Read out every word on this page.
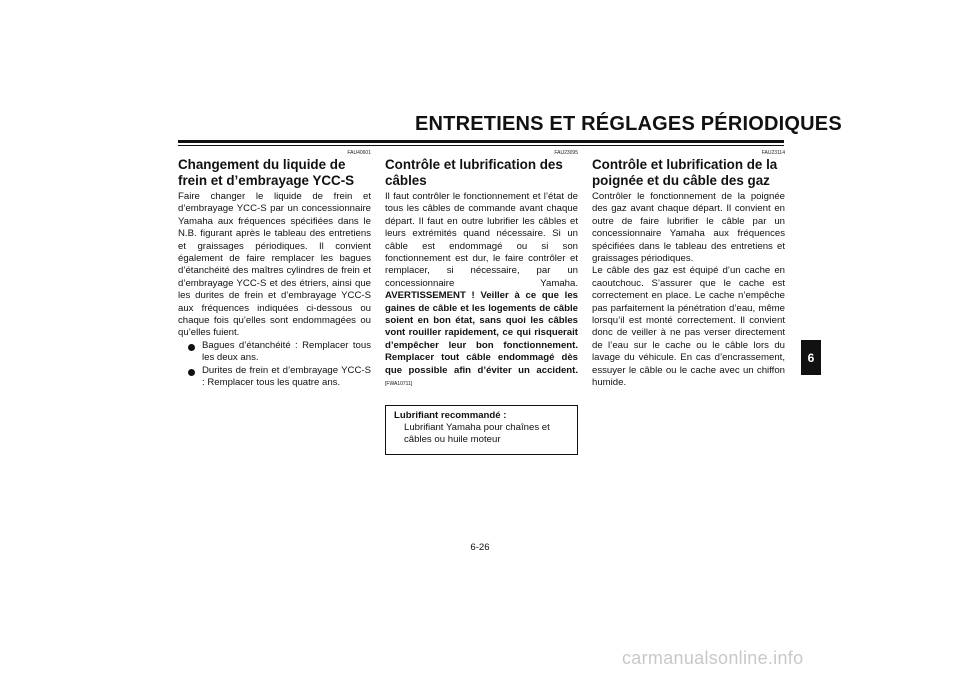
ENTRETIENS ET RÉGLAGES PÉRIODIQUES
FAU40601
Changement du liquide de frein et d’embrayage YCC-S

Faire changer le liquide de frein et d’embrayage YCC-S par un concessionnaire Yamaha aux fréquences spécifiées dans le N.B. figurant après le tableau des entretiens et graissages périodiques. Il convient également de faire remplacer les bagues d’étanchéité des maîtres cylindres de frein et d’embrayage YCC-S et des étriers, ainsi que les durites de frein et d’embrayage YCC-S aux fréquences indiquées ci-dessous ou chaque fois qu’elles sont endommagées ou qu’elles fuient.

Bagues d’étanchéité : Remplacer tous les deux ans.
Durites de frein et d’embrayage YCC-S : Remplacer tous les quatre ans.
FAU23095
Contrôle et lubrification des câbles

Il faut contrôler le fonctionnement et l’état de tous les câbles de commande avant chaque départ. Il faut en outre lubrifier les câbles et leurs extrémités quand nécessaire. Si un câble est endommagé ou si son fonctionnement est dur, le faire contrôler et remplacer, si nécessaire, par un concessionnaire Yamaha. AVERTISSEMENT ! Veiller à ce que les gaines de câble et les logements de câble soient en bon état, sans quoi les câbles vont rouiller rapidement, ce qui risquerait d’empêcher leur bon fonctionnement. Remplacer tout câble endommagé dès que possible afin d’éviter un accident. [FWA10711]

Lubrifiant recommandé :
Lubrifiant Yamaha pour chaînes et câbles ou huile moteur
FAU23114
Contrôle et lubrification de la poignée et du câble des gaz

Contrôler le fonctionnement de la poignée des gaz avant chaque départ. Il convient en outre de faire lubrifier le câble par un concessionnaire Yamaha aux fréquences spécifiées dans le tableau des entretiens et graissages périodiques.

Le câble des gaz est équipé d’un cache en caoutchouc. S’assurer que le cache est correctement en place. Le cache n’empêche pas parfaitement la pénétration d’eau, même lorsqu’il est monté correctement. Il convient donc de veiller à ne pas verser directement de l’eau sur le cache ou le câble lors du lavage du véhicule. En cas d’encrassement, essuyer le câble ou le cache avec un chiffon humide.

6
6-26
carmanualsonline.info
